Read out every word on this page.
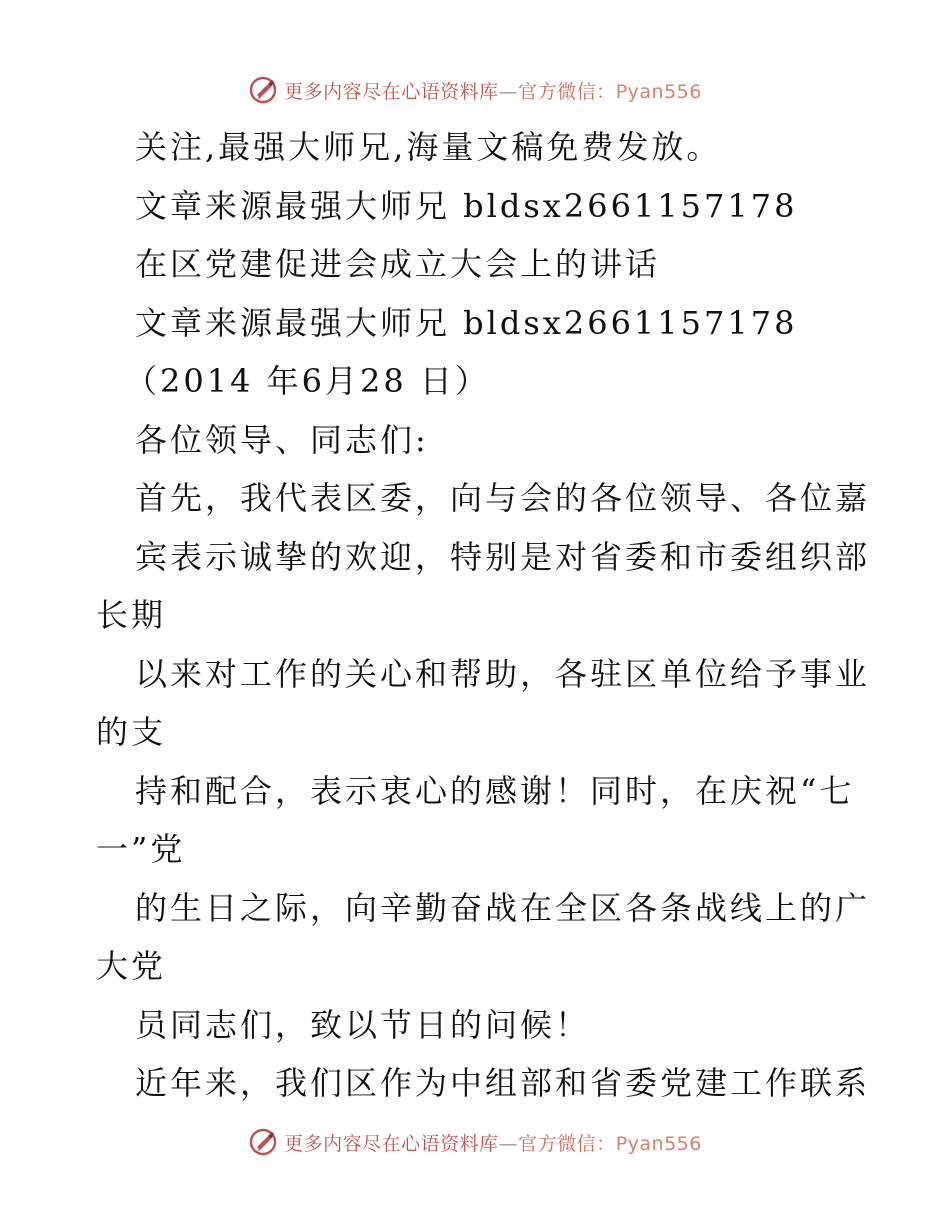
更多内容尽在心语资料库—官方微信：Pyan556
关注,最强大师兄,海量文稿免费发放。
文章来源最强大师兄 bldsx2661157178
在区党建促进会成立大会上的讲话
文章来源最强大师兄 bldsx2661157178
（2014 年6月28 日）
各位领导、同志们:
首先，我代表区委，向与会的各位领导、各位嘉
宾表示诚挚的欢迎，特别是对省委和市委组织部
长期
以来对工作的关心和帮助，各驻区单位给予事业
的支
持和配合，表示衷心的感谢！同时，在庆祝“七
一”党
的生日之际，向辛勤奋战在全区各条战线上的广
大党
员同志们，致以节日的问候！
近年来，我们区作为中组部和省委党建工作联系
更多内容尽在心语资料库—官方微信：Pyan556
